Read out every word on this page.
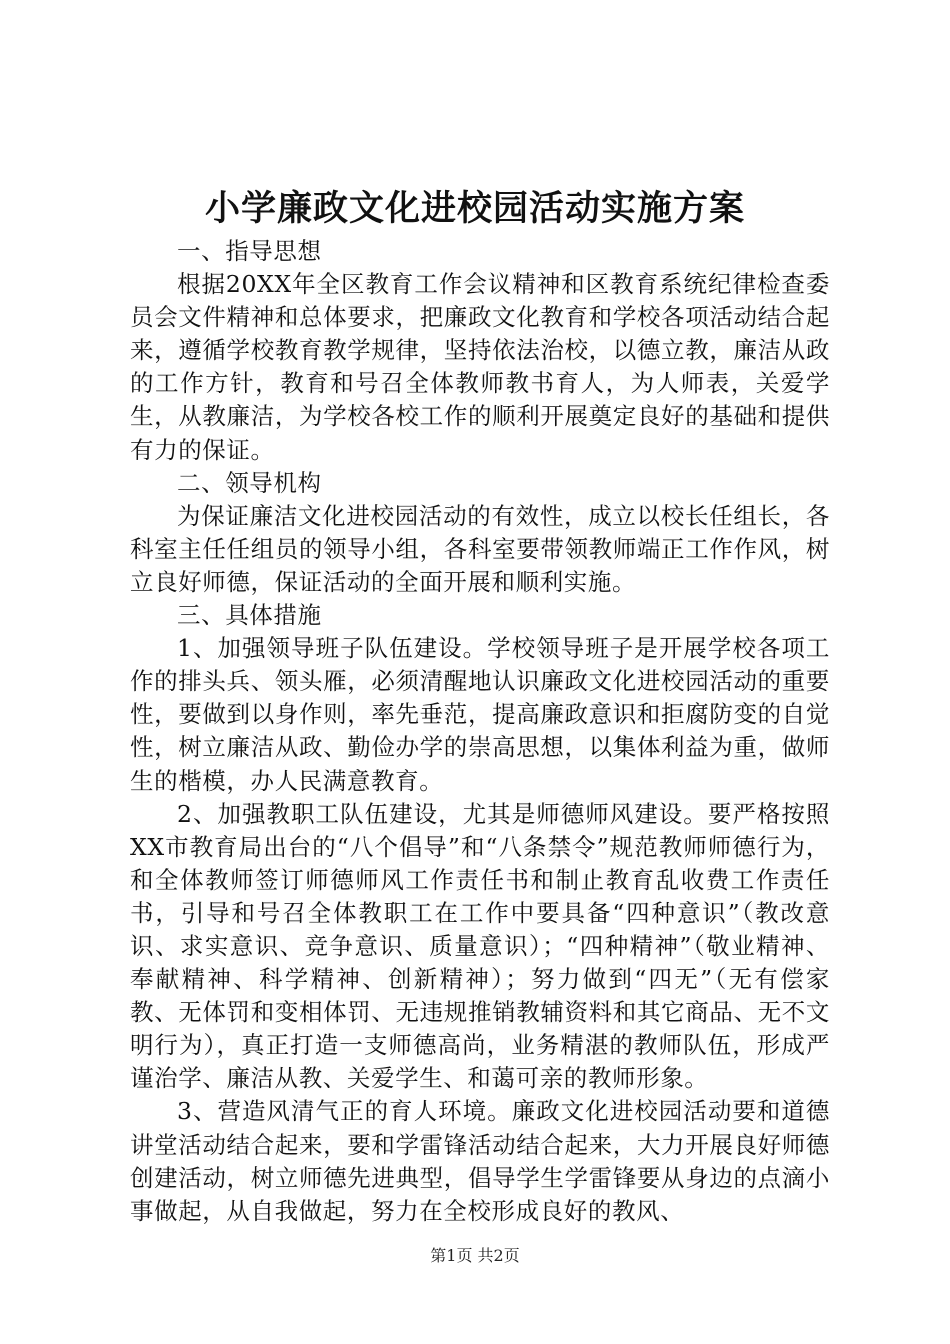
小学廉政文化进校园活动实施方案

一、指导思想

根据20XX年全区教育工作会议精神和区教育系统纪律检查委员会文件精神和总体要求，把廉政文化教育和学校各项活动结合起来，遵循学校教育教学规律，坚持依法治校，以德立教，廉洁从政的工作方针，教育和号召全体教师教书育人，为人师表，关爱学生，从教廉洁，为学校各校工作的顺利开展奠定良好的基础和提供有力的保证。

二、领导机构

为保证廉洁文化进校园活动的有效性，成立以校长任组长，各科室主任任组员的领导小组，各科室要带领教师端正工作作风，树立良好师德，保证活动的全面开展和顺利实施。

三、具体措施

1、加强领导班子队伍建设。学校领导班子是开展学校各项工作的排头兵、领头雁，必须清醒地认识廉政文化进校园活动的重要性，要做到以身作则，率先垂范，提高廉政意识和拒腐防变的自觉性，树立廉洁从政、勤俭办学的崇高思想，以集体利益为重，做师生的楷模，办人民满意教育。

2、加强教职工队伍建设，尤其是师德师风建设。要严格按照XX市教育局出台的“八个倡导”和“八条禁令”规范教师师德行为，和全体教师签订师德师风工作责任书和制止教育乱收费工作责任书，引导和号召全体教职工在工作中要具备“四种意识”（教改意识、求实意识、竞争意识、质量意识）；“四种精神”（敬业精神、奉献精神、科学精神、创新精神）；努力做到“四无”（无有偿家教、无体罚和变相体罚、无违规推销教辅资料和其它商品、无不文明行为），真正打造一支师德高尚，业务精湛的教师队伍，形成严谨治学、廉洁从教、关爱学生、和蔼可亲的教师形象。

3、营造风清气正的育人环境。廉政文化进校园活动要和道德讲堂活动结合起来，要和学雷锋活动结合起来，大力开展良好师德创建活动，树立师德先进典型，倡导学生学雷锋要从身边的点滴小事做起，从自我做起，努力在全校形成良好的教风、

第1页 共2页
